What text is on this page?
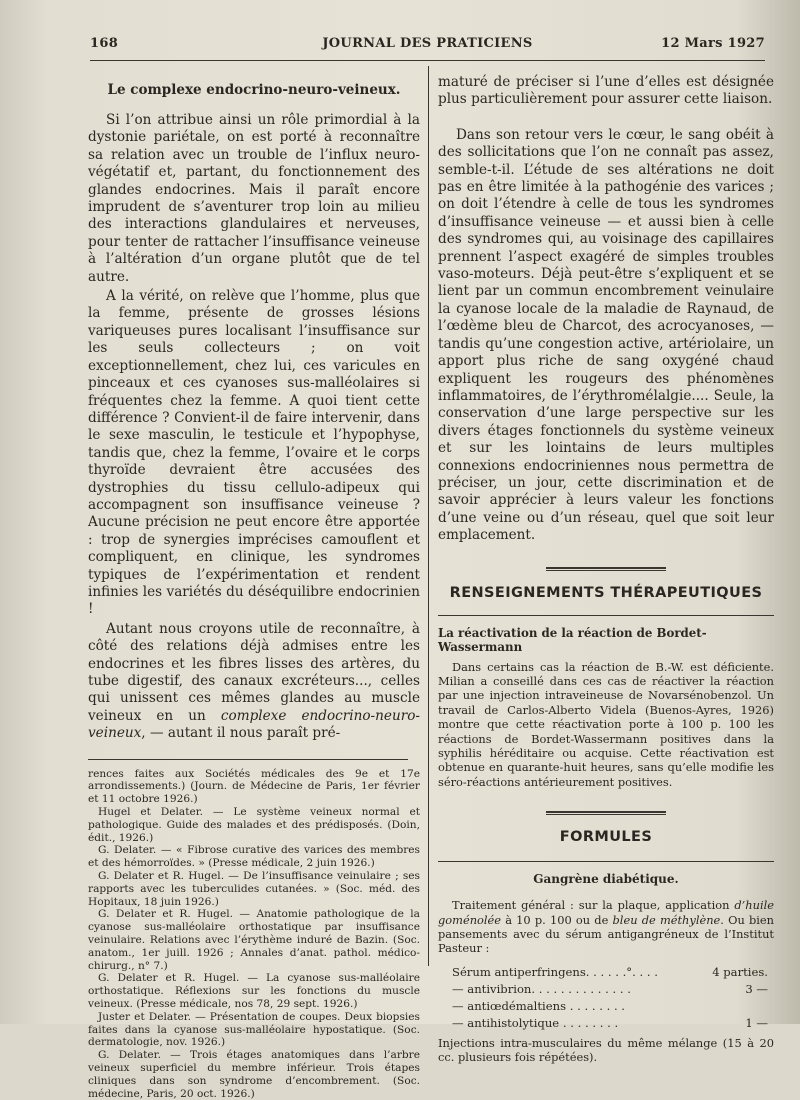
168	JOURNAL DES PRATICIENS	12 Mars 1927
Le complexe endocrino-neuro-veineux.

Si l’on attribue ainsi un rôle primordial à la dystonie pariétale, on est porté à reconnaître sa relation avec un trouble de l’influx neuro-végétatif et, partant, du fonctionnement des glandes endocrines. Mais il paraît encore imprudent de s’aventurer trop loin au milieu des interactions glandulaires et nerveuses, pour tenter de rattacher l’insuffisance veineuse à l’altération d’un organe plutôt que de tel autre.

A la vérité, on relève que l’homme, plus que la femme, présente de grosses lésions variqueuses pures localisant l’insuffisance sur les seuls collecteurs ; on voit exceptionnellement, chez lui, ces varicules en pinceaux et ces cyanoses sus-malléolaires si fréquentes chez la femme. A quoi tient cette différence ? Convient-il de faire intervenir, dans le sexe masculin, le testicule et l’hypophyse, tandis que, chez la femme, l’ovaire et le corps thyroïde devraient être accusées des dystrophies du tissu cellulo-adipeux qui accompagnent son insuffisance veineuse ? Aucune précision ne peut encore être apportée : trop de synergies imprécises camouflent et compliquent, en clinique, les syndromes typiques de l’expérimentation et rendent infinies les variétés du déséquilibre endocrinien !

Autant nous croyons utile de reconnaître, à côté des relations déjà admises entre les endocrines et les fibres lisses des artères, du tube digestif, des canaux excréteurs..., celles qui unissent ces mêmes glandes au muscle veineux en un complexe endocrino-neuro-veineux, — autant il nous paraît pré-

rences faites aux Sociétés médicales des 9e et 17e arrondissements.) (Journ. de Médecine de Paris, 1er février et 11 octobre 1926.)
Hugel et Delater. — Le système veineux normal et pathologique. Guide des malades et des prédisposés. (Doin, édit., 1926.)
G. Delater. — « Fibrose curative des varices des membres et des hémorroïdes. » (Presse médicale, 2 juin 1926.)
G. Delater et R. Hugel. — De l’insuffisance veinulaire ; ses rapports avec les tuberculides cutanées. » (Soc. méd. des Hopitaux, 18 juin 1926.)
G. Delater et R. Hugel. — Anatomie pathologique de la cyanose sus-malléolaire orthostatique par insuffisance veinulaire. Relations avec l’érythème induré de Bazin. (Soc. anatom., 1er juill. 1926 ; Annales d’anat. pathol. médico-chirurg., n° 7.)
G. Delater et R. Hugel. — La cyanose sus-malléolaire orthostatique. Réflexions sur les fonctions du muscle veineux. (Presse médicale, nos 78, 29 sept. 1926.)
Juster et Delater. — Présentation de coupes. Deux biopsies faites dans la cyanose sus-malléolaire hypostatique. (Soc. dermatologie, nov. 1926.)
G. Delater. — Trois étages anatomiques dans l’arbre veineux superficiel du membre inférieur. Trois étapes cliniques dans son syndrome d’encombrement. (Soc. médecine, Paris, 20 oct. 1926.)

maturé de préciser si l’une d’elles est désignée plus particulièrement pour assurer cette liaison.

Dans son retour vers le cœur, le sang obéit à des sollicitations que l’on ne connaît pas assez, semble-t-il. L’étude de ses altérations ne doit pas en être limitée à la pathogénie des varices ; on doit l’étendre à celle de tous les syndromes d’insuffisance veineuse — et aussi bien à celle des syndromes qui, au voisinage des capillaires prennent l’aspect exagéré de simples troubles vaso-moteurs. Déjà peut-être s’expliquent et se lient par un commun encombrement veinulaire la cyanose locale de la maladie de Raynaud, de l’œdème bleu de Charcot, des acrocyanoses, — tandis qu’une congestion active, artériolaire, un apport plus riche de sang oxygéné chaud expliquent les rougeurs des phénomènes inflammatoires, de l’érythromélalgie.... Seule, la conservation d’une large perspective sur les divers étages fonctionnels du système veineux et sur les lointains de leurs multiples connexions endocriniennes nous permettra de préciser, un jour, cette discrimination et de savoir apprécier à leurs valeur les fonctions d’une veine ou d’un réseau, quel que soit leur emplacement.

RENSEIGNEMENTS THÉRAPEUTIQUES
La réactivation de la réaction de Bordet-Wassermann

Dans certains cas la réaction de B.-W. est déficiente. Milian a conseillé dans ces cas de réactiver la réaction par une injection intraveineuse de Novarsénobenzol. Un travail de Carlos-Alberto Videla (Buenos-Ayres, 1926) montre que cette réactivation porte à 100 p. 100 les réactions de Bordet-Wassermann positives dans la syphilis héréditaire ou acquise. Cette réactivation est obtenue en quarante-huit heures, sans qu’elle modifie les séro-réactions antérieurement positives.

FORMULES
Gangrène diabétique.

Traitement général : sur la plaque, application d’huile goménolée à 10 p. 100 ou de bleu de méthylène. Ou bien pansements avec du sérum antigangréneux de l’Institut Pasteur :

Sérum antiperfringens. . . . . .°. . . .	4 parties.
— antivibrion. . . . . . . . . . . . . .	3 —
— antiœdémaltiens . . . . . . . .
— antihistolytique . . . . . . . .	1 —

Injections intra-musculaires du même mélange (15 à 20 cc. plusieurs fois répétées).
